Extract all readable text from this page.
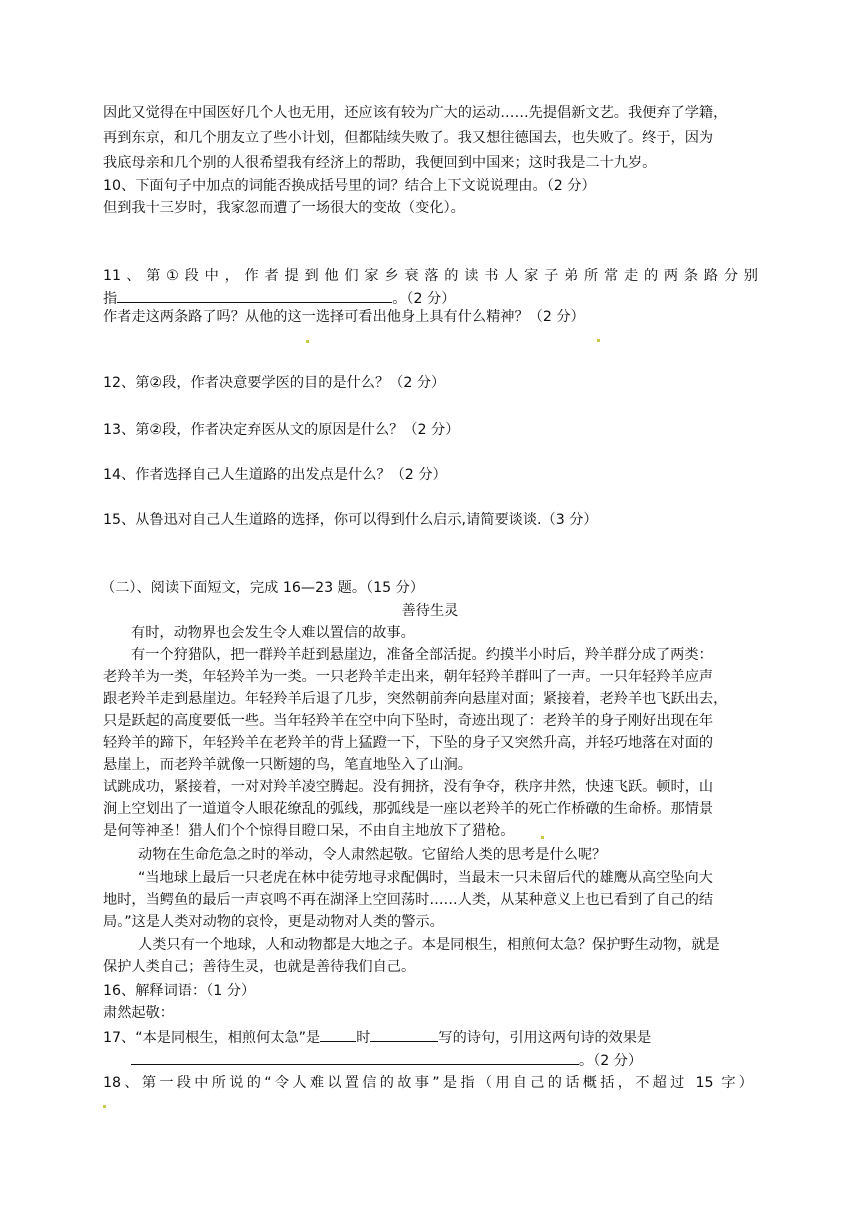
因此又觉得在中国医好几个人也无用，还应该有较为广大的运动……先提倡新文艺。我便弃了学籍，
再到东京，和几个朋友立了些小计划，但都陆续失败了。我又想往德国去，也失败了。终于，因为
我底母亲和几个别的人很希望我有经济上的帮助，我便回到中国来；这时我是二十九岁。
10、下面句子中加点的词能否换成括号里的词？结合上下文说说理由。（2 分）
但到我十三岁时，我家忽而遭了一场很大的变故（变化）。
11 、 第 ① 段 中 ， 作 者 提 到 他 们 家 乡 衰 落 的 读 书 人 家 子 弟 所 常 走 的 两 条 路 分 别
指	。（2 分）
作者走这两条路了吗？从他的这一选择可看出他身上具有什么精神？（2 分）
12、第②段，作者决意要学医的目的是什么？（2 分）
13、第②段，作者决定弃医从文的原因是什么？（2 分）
14、作者选择自己人生道路的出发点是什么？（2 分）
15、从鲁迅对自己人生道路的选择，你可以得到什么启示,请简要谈谈.（3 分）
（二）、阅读下面短文，完成 16—23 题。（15 分）
善待生灵
有时，动物界也会发生令人难以置信的故事。
有一个狩猎队，把一群羚羊赶到悬崖边，准备全部活捉。约摸半小时后，羚羊群分成了两类：
老羚羊为一类，年轻羚羊为一类。一只老羚羊走出来，朝年轻羚羊群叫了一声。一只年轻羚羊应声
跟老羚羊走到悬崖边。年轻羚羊后退了几步，突然朝前奔向悬崖对面；紧接着，老羚羊也飞跃出去，
只是跃起的高度要低一些。当年轻羚羊在空中向下坠时，奇迹出现了：老羚羊的身子刚好出现在年
轻羚羊的蹄下，年轻羚羊在老羚羊的背上猛蹬一下，下坠的身子又突然升高，并轻巧地落在对面的
悬崖上，而老羚羊就像一只断翅的鸟，笔直地坠入了山涧。
试跳成功，紧接着，一对对羚羊凌空腾起。没有拥挤，没有争夺，秩序井然，快速飞跃。顿时，山
涧上空划出了一道道令人眼花缭乱的弧线，那弧线是一座以老羚羊的死亡作桥礅的生命桥。那情景
是何等神圣！猎人们个个惊得目瞪口呆，不由自主地放下了猎枪。
动物在生命危急之时的举动，令人肃然起敬。它留给人类的思考是什么呢？
“当地球上最后一只老虎在林中徒劳地寻求配偶时，当最末一只未留后代的雄鹰从高空坠向大
地时，当鳄鱼的最后一声哀鸣不再在湖泽上空回荡时……人类，从某种意义上也已看到了自己的结
局。”这是人类对动物的哀怜，更是动物对人类的警示。
人类只有一个地球，人和动物都是大地之子。本是同根生，相煎何太急？保护野生动物，就是
保护人类自己；善待生灵，也就是善待我们自己。
16、解释词语：（1 分）
肃然起敬：
17、“本是同根生，相煎何太急”是	时	写的诗句，引用这两句诗的效果是
。（2 分）
18、第一段中所说的“令人难以置信的故事”是指（用自己的话概括，不超过 15 字）
